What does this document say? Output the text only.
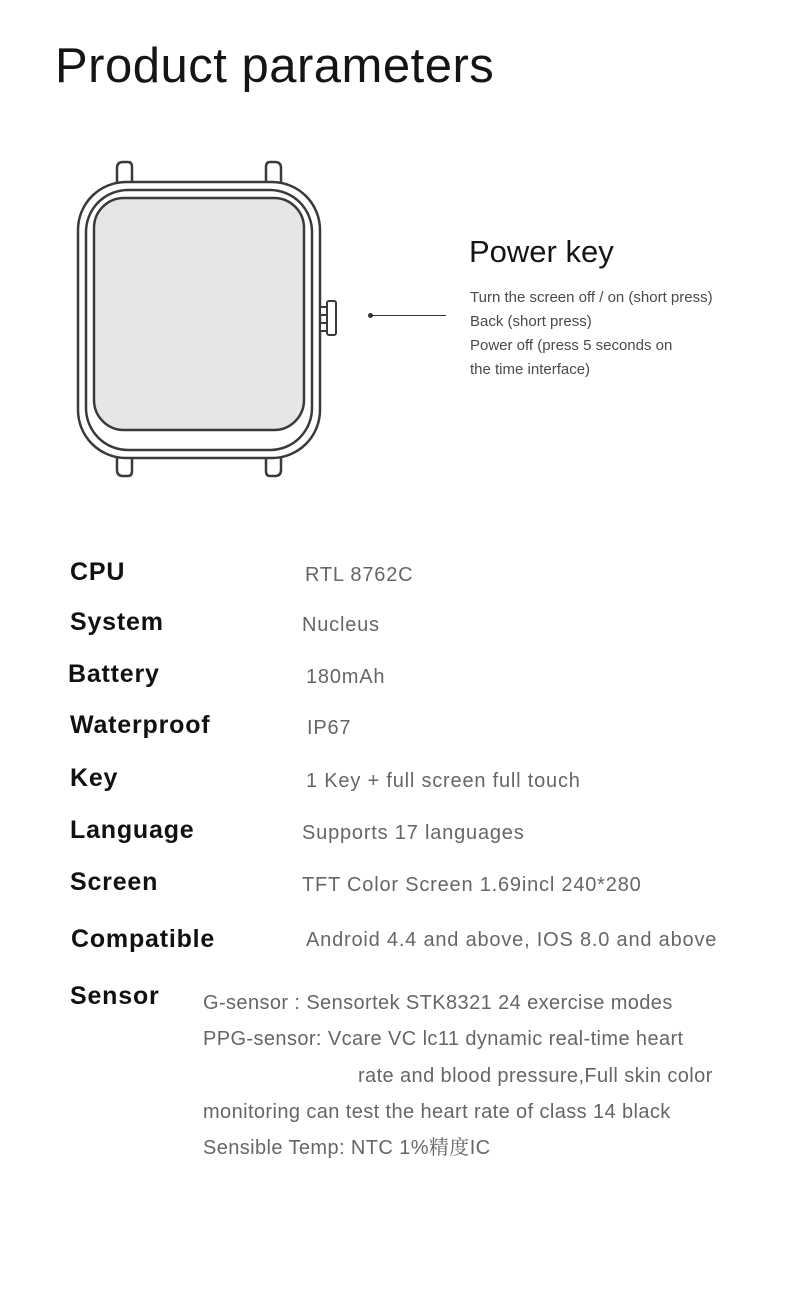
Product parameters
Power key
Turn the screen off / on (short press)
Back (short press)
Power off (press 5 seconds on
the time interface)
CPU	RTL 8762C
System	Nucleus
Battery	180mAh
Waterproof	IP67
Key	1 Key + full screen full touch
Language	Supports 17 languages
Screen	TFT Color Screen 1.69incl 240*280
Compatible	Android 4.4 and above, IOS 8.0 and above
Sensor G-sensor : Sensortek STK8321 24 exercise modes
PPG-sensor: Vcare VC lc11 dynamic real-time heart
rate and blood pressure,Full skin color
monitoring can test the heart rate of class 14 black
Sensible Temp: NTC 1%精度IC
